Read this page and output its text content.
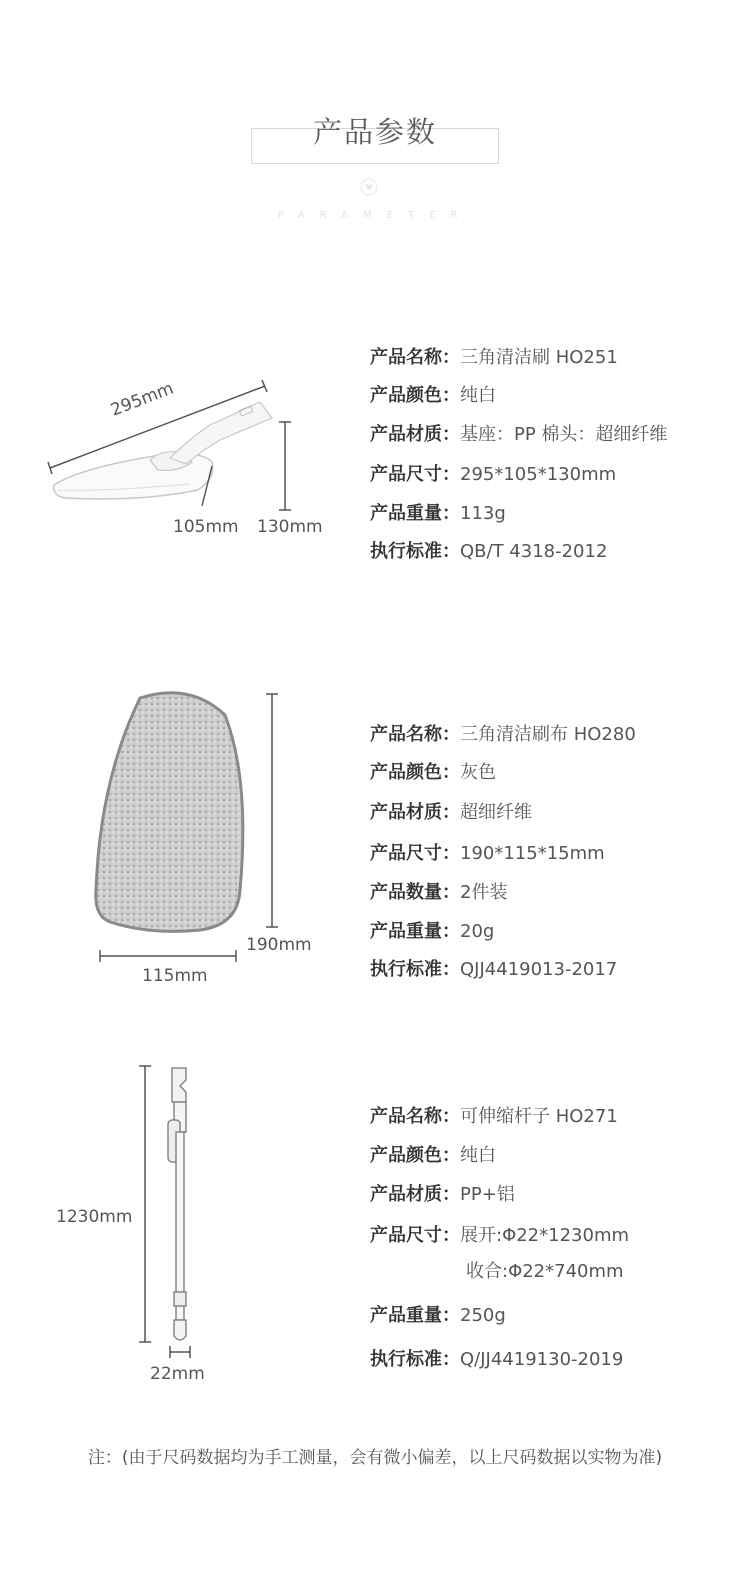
产品参数
PARAMETER
295mm
105mm 130mm
产品名称：三角清洁刷 HO251
产品颜色：纯白
产品材质：基座：PP 棉头：超细纤维
产品尺寸：295*105*130mm
产品重量：113g
执行标准：QB/T 4318-2012
190mm
115mm
产品名称：三角清洁刷布 HO280
产品颜色：灰色
产品材质：超细纤维
产品尺寸：190*115*15mm
产品数量：2件装
产品重量：20g
执行标准：QJJ4419013-2017
1230mm
22mm
产品名称：可伸缩杆子 HO271
产品颜色：纯白
产品材质：PP+铝
产品尺寸：展开:Φ22*1230mm
收合:Φ22*740mm
产品重量：250g
执行标准：Q/JJ4419130-2019
注：(由于尺码数据均为手工测量，会有微小偏差，以上尺码数据以实物为准)
